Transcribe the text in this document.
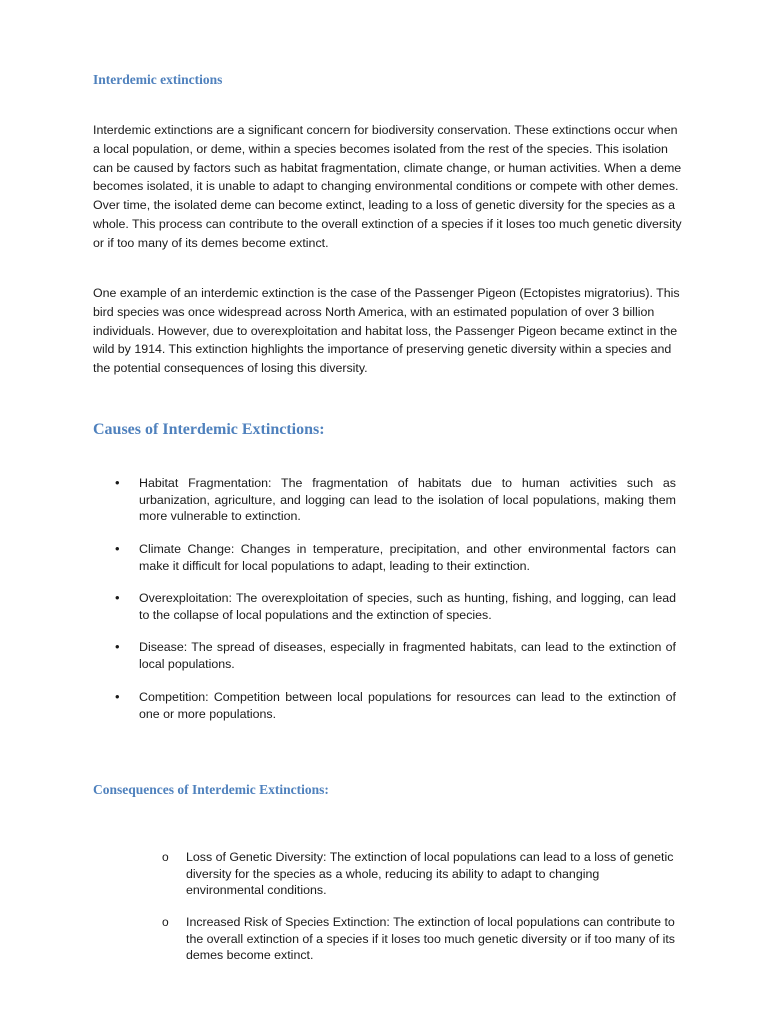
Interdemic extinctions

Interdemic extinctions are a significant concern for biodiversity conservation. These extinctions occur when a local population, or deme, within a species becomes isolated from the rest of the species. This isolation can be caused by factors such as habitat fragmentation, climate change, or human activities. When a deme becomes isolated, it is unable to adapt to changing environmental conditions or compete with other demes. Over time, the isolated deme can become extinct, leading to a loss of genetic diversity for the species as a whole. This process can contribute to the overall extinction of a species if it loses too much genetic diversity or if too many of its demes become extinct.

One example of an interdemic extinction is the case of the Passenger Pigeon (Ectopistes migratorius). This bird species was once widespread across North America, with an estimated population of over 3 billion individuals. However, due to overexploitation and habitat loss, the Passenger Pigeon became extinct in the wild by 1914. This extinction highlights the importance of preserving genetic diversity within a species and the potential consequences of losing this diversity.

Causes of Interdemic Extinctions:
• Habitat Fragmentation: The fragmentation of habitats due to human activities such as urbanization, agriculture, and logging can lead to the isolation of local populations, making them more vulnerable to extinction.
• Climate Change: Changes in temperature, precipitation, and other environmental factors can make it difficult for local populations to adapt, leading to their extinction.
• Overexploitation: The overexploitation of species, such as hunting, fishing, and logging, can lead to the collapse of local populations and the extinction of species.
• Disease: The spread of diseases, especially in fragmented habitats, can lead to the extinction of local populations.
• Competition: Competition between local populations for resources can lead to the extinction of one or more populations.
Consequences of Interdemic Extinctions:
o Loss of Genetic Diversity: The extinction of local populations can lead to a loss of genetic diversity for the species as a whole, reducing its ability to adapt to changing environmental conditions.
o Increased Risk of Species Extinction: The extinction of local populations can contribute to the overall extinction of a species if it loses too much genetic diversity or if too many of its demes become extinct.
